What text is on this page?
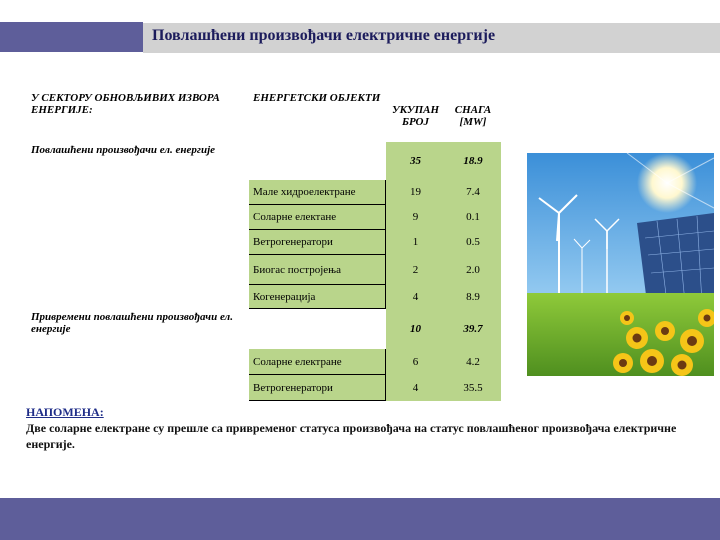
Повлашћени произвођачи електричне енергије
У СЕКТОРУ ОБНОВЉИВИХ ИЗВОРА ЕНЕРГИЈЕ:	ЕНЕРГЕТСКИ ОБЈЕКТИ	УКУПАН БРОЈ	СНАГА [MW]
Повлашћени произвођачи ел. енергије		35	18.9
	Мале хидроелектране	19	7.4
	Соларне електане	9	0.1
	Ветрогенератори	1	0.5
	Биогас постројења	2	2.0
	Когенерација	4	8.9
Привремени повлашћени произвођачи ел. енергије		10	39.7
	Соларне електране	6	4.2
	Ветрогенератори	4	35.5
НАПОМЕНА:
Две соларне електране су прешле са привременог статуса произвођача на статус повлашћеног произвођача електричне енергије.
